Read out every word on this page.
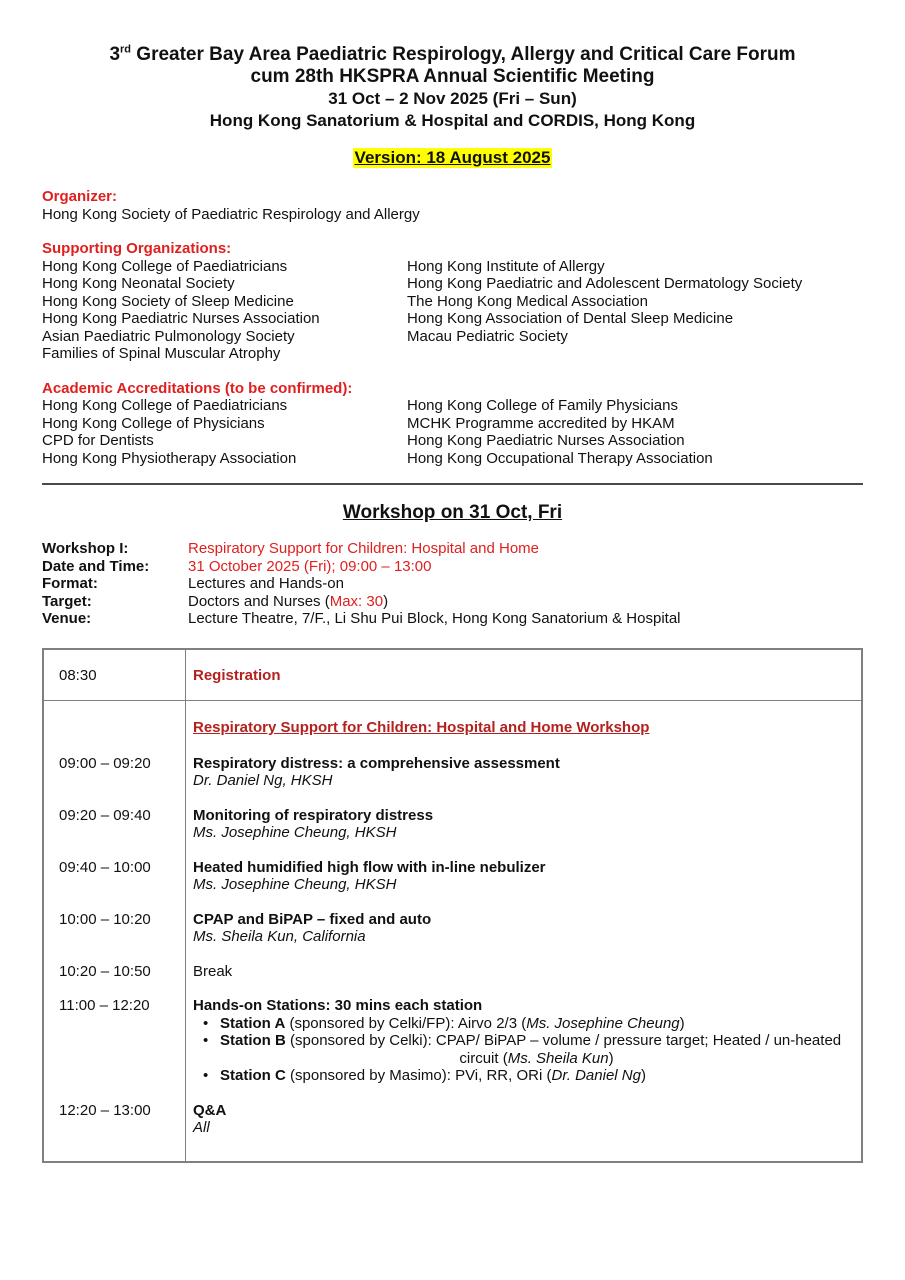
3rd Greater Bay Area Paediatric Respirology, Allergy and Critical Care Forum
cum 28th HKSPRA Annual Scientific Meeting
31 Oct – 2 Nov 2025 (Fri – Sun)
Hong Kong Sanatorium & Hospital and CORDIS, Hong Kong
Version: 18 August 2025
Organizer:
Hong Kong Society of Paediatric Respirology and Allergy
Supporting Organizations:
Hong Kong College of Paediatricians
Hong Kong Neonatal Society
Hong Kong Society of Sleep Medicine
Hong Kong Paediatric Nurses Association
Asian Paediatric Pulmonology Society
Families of Spinal Muscular Atrophy
Hong Kong Institute of Allergy
Hong Kong Paediatric and Adolescent Dermatology Society
The Hong Kong Medical Association
Hong Kong Association of Dental Sleep Medicine
Macau Pediatric Society
Academic Accreditations (to be confirmed):
Hong Kong College of Paediatricians
Hong Kong College of Physicians
CPD for Dentists
Hong Kong Physiotherapy Association
Hong Kong College of Family Physicians
MCHK Programme accredited by HKAM
Hong Kong Paediatric Nurses Association
Hong Kong Occupational Therapy Association
Workshop on 31 Oct, Fri
Workshop I:	Respiratory Support for Children: Hospital and Home
Date and Time:	31 October 2025 (Fri); 09:00 – 13:00
Format:	Lectures and Hands-on
Target:	Doctors and Nurses (Max: 30)
Venue:	Lecture Theatre, 7/F., Li Shu Pui Block, Hong Kong Sanatorium & Hospital
08:30	Registration
Respiratory Support for Children: Hospital and Home Workshop
09:00 – 09:20	Respiratory distress: a comprehensive assessment
Dr. Daniel Ng, HKSH
09:20 – 09:40	Monitoring of respiratory distress
Ms. Josephine Cheung, HKSH
09:40 – 10:00	Heated humidified high flow with in-line nebulizer
Ms. Josephine Cheung, HKSH
10:00 – 10:20	CPAP and BiPAP – fixed and auto
Ms. Sheila Kun, California
10:20 – 10:50	Break
11:00 – 12:20	Hands-on Stations: 30 mins each station
• Station A (sponsored by Celki/FP): Airvo 2/3 (Ms. Josephine Cheung)
• Station B (sponsored by Celki): CPAP/ BiPAP – volume / pressure target; Heated / un-heated
circuit (Ms. Sheila Kun)
• Station C (sponsored by Masimo): PVi, RR, ORi (Dr. Daniel Ng)
12:20 – 13:00	Q&A
All
